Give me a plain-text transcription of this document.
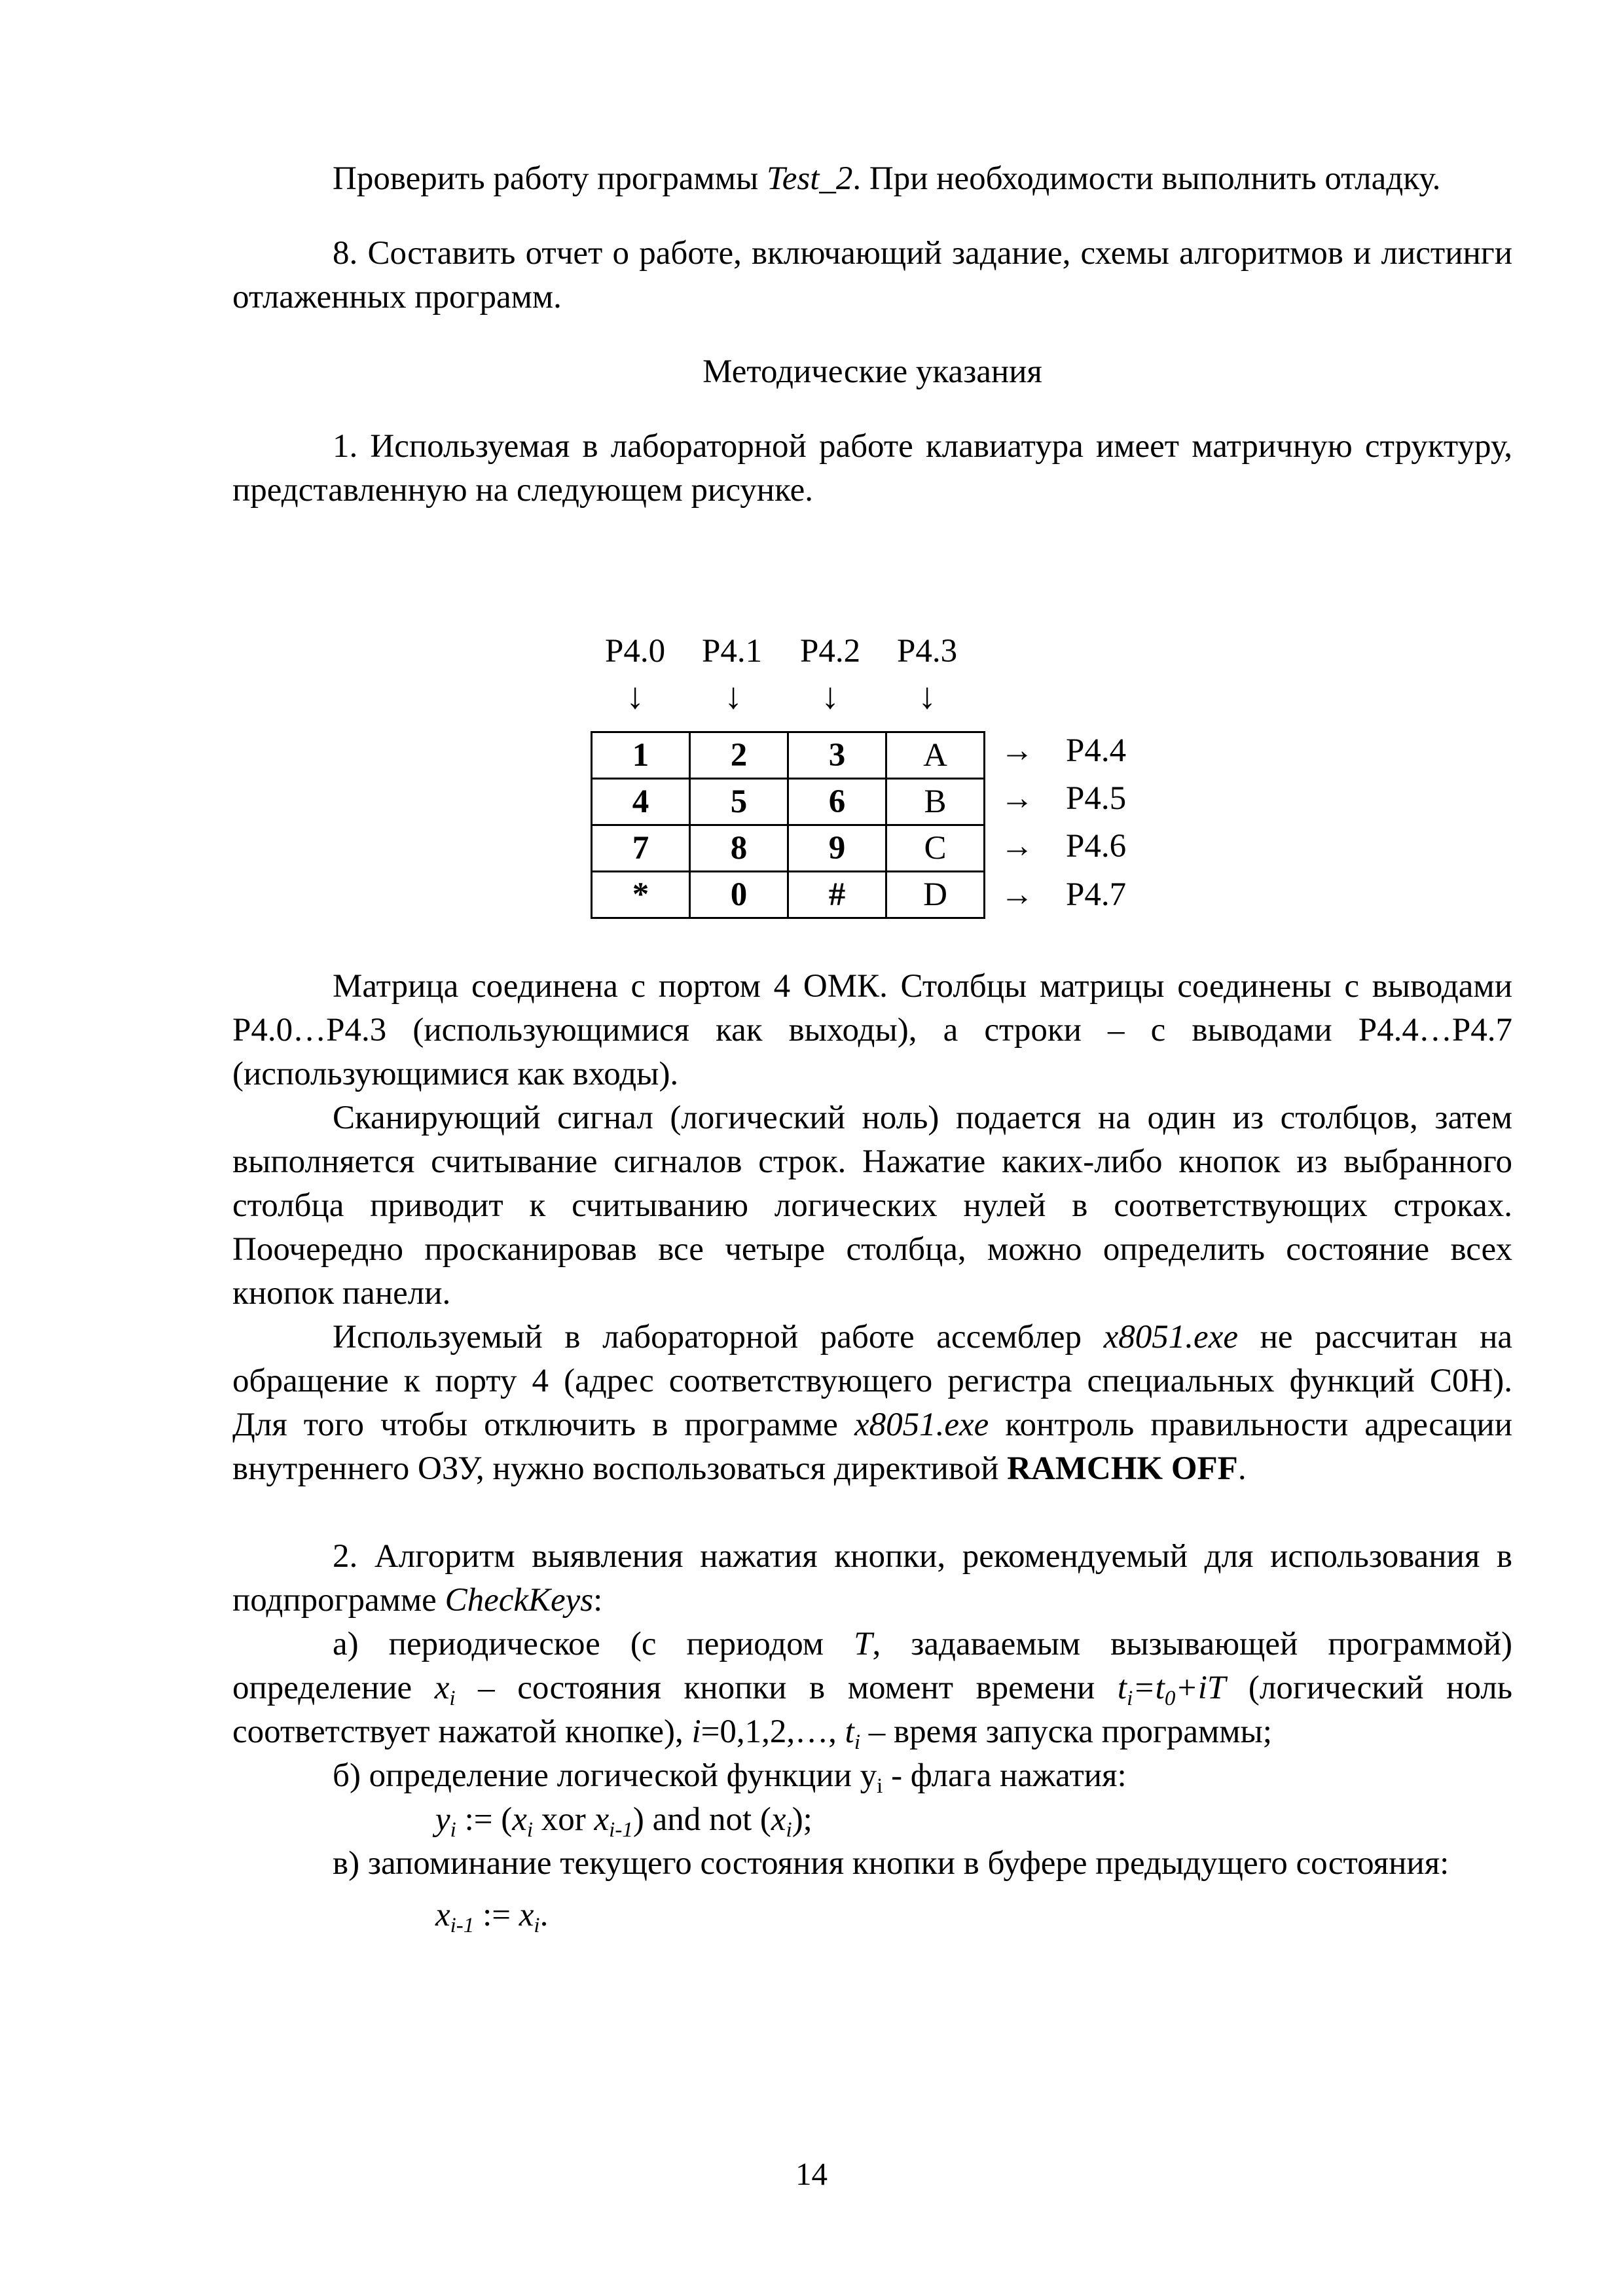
Проверить работу программы Test_2. При необходимости выполнить отладку.

8. Составить отчет о работе, включающий задание, схемы алгоритмов и листинги отлаженных программ.

Методические указания

1. Используемая в лабораторной работе клавиатура имеет матричную структуру, представленную на следующем рисунке.

P4.0 P4.1 P4.2 P4.3
↓ ↓ ↓ ↓
1	2	3	A
4	5	6	B
7	8	9	C
*	0	#	D
→ P4.4
→ P4.5
→ P4.6
→ P4.7

Матрица соединена с портом 4 ОМК. Столбцы матрицы соединены с выводами P4.0…P4.3 (использующимися как выходы), а строки – с выводами P4.4…P4.7 (использующимися как входы).

Сканирующий сигнал (логический ноль) подается на один из столбцов, затем выполняется считывание сигналов строк. Нажатие каких-либо кнопок из выбранного столбца приводит к считыванию логических нулей в соответствующих строках. Поочередно просканировав все четыре столбца, можно определить состояние всех кнопок панели.

Используемый в лабораторной работе ассемблер x8051.exe не рассчитан на обращение к порту 4 (адрес соответствующего регистра специальных функций C0H). Для того чтобы отключить в программе x8051.exe контроль правильности адресации внутреннего ОЗУ, нужно воспользоваться директивой RAMCHK OFF.

2. Алгоритм выявления нажатия кнопки, рекомендуемый для использования в подпрограмме CheckKeys:

а) периодическое (с периодом T, задаваемым вызывающей программой) определение $x_i$ – состояния кнопки в момент времени $t_i=t_0+iT$ (логический ноль соответствует нажатой кнопке), i=0,1,2,…, $t_i$ – время запуска программы;

б) определение логической функции $y_i$ - флага нажатия:

$y_i$ := ($x_i$ xor $x_{i-1}$) and not $(x_i)$;

в) запоминание текущего состояния кнопки в буфере предыдущего состояния:

$x_{i-1}$ := $x_i$.

14
